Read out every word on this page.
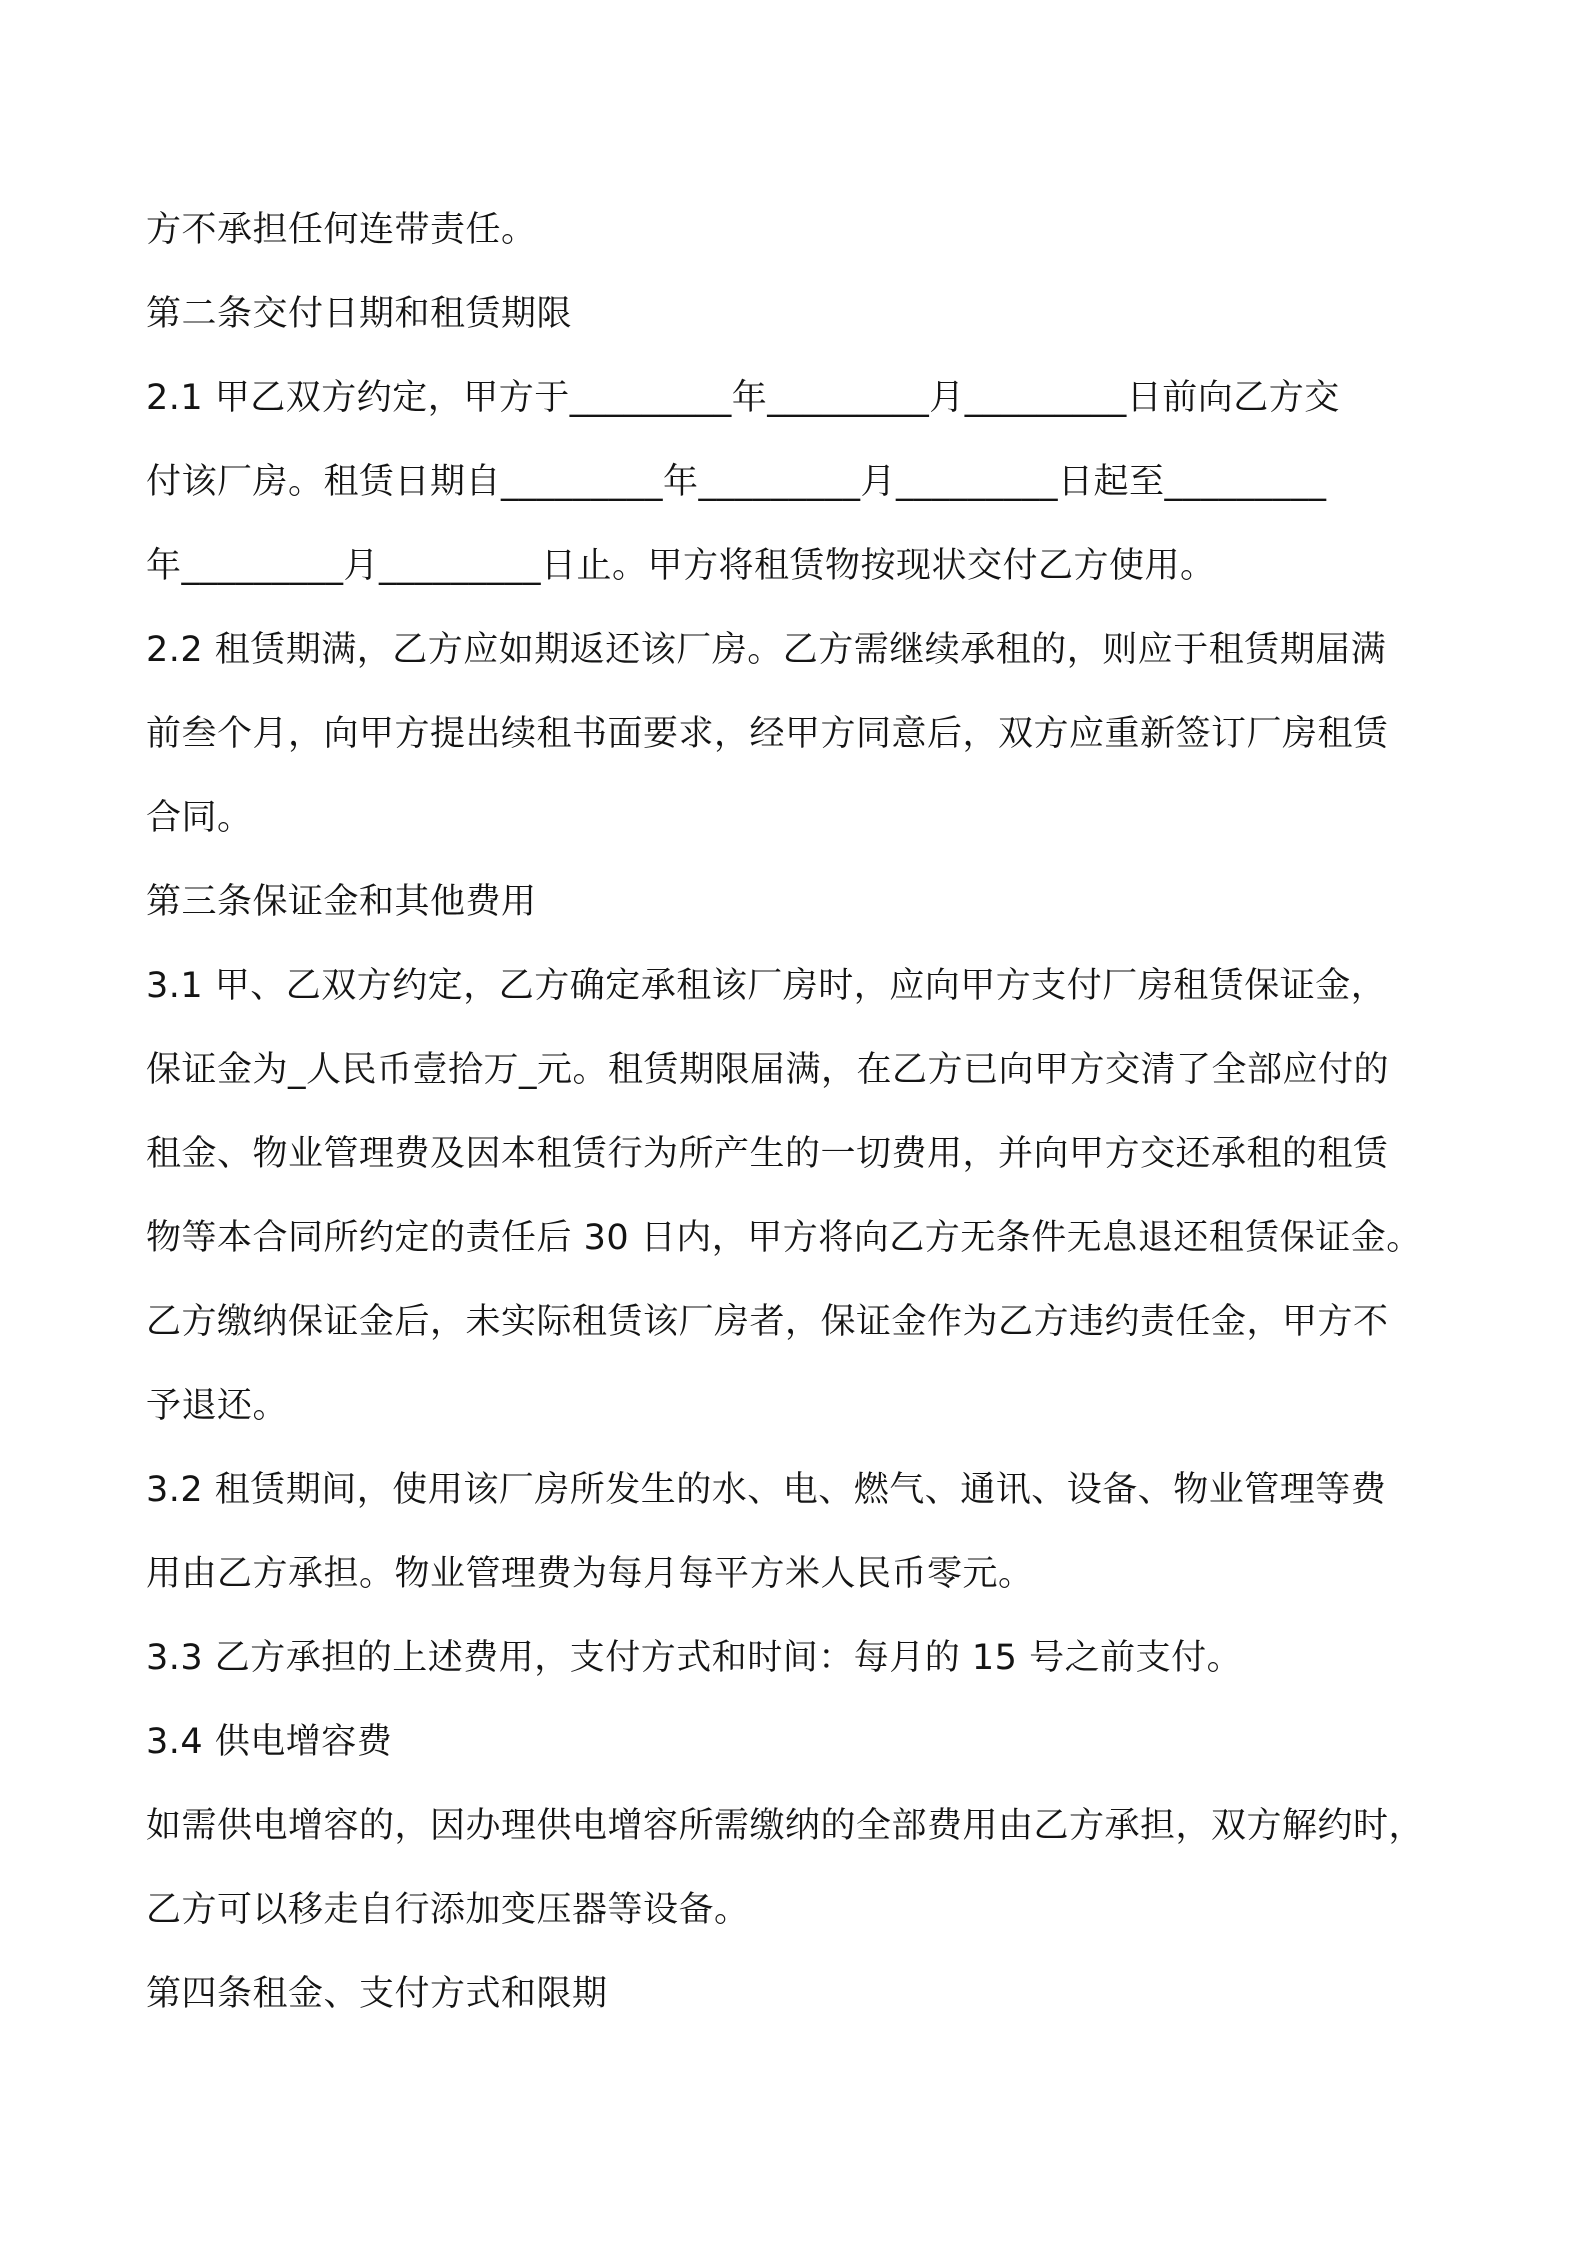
方不承担任何连带责任。

第二条交付日期和租赁期限

2.1 甲乙双方约定，甲方于_________年_________月_________日前向乙方交

付该厂房。租赁日期自_________年_________月_________日起至_________

年_________月_________日止。甲方将租赁物按现状交付乙方使用。

2.2 租赁期满，乙方应如期返还该厂房。乙方需继续承租的，则应于租赁期届满

前叁个月，向甲方提出续租书面要求，经甲方同意后，双方应重新签订厂房租赁

合同。

第三条保证金和其他费用

3.1 甲、乙双方约定，乙方确定承租该厂房时，应向甲方支付厂房租赁保证金，

保证金为_人民币壹拾万_元。租赁期限届满，在乙方已向甲方交清了全部应付的

租金、物业管理费及因本租赁行为所产生的一切费用，并向甲方交还承租的租赁

物等本合同所约定的责任后 30 日内，甲方将向乙方无条件无息退还租赁保证金。

乙方缴纳保证金后，未实际租赁该厂房者，保证金作为乙方违约责任金，甲方不

予退还。

3.2 租赁期间，使用该厂房所发生的水、电、燃气、通讯、设备、物业管理等费

用由乙方承担。物业管理费为每月每平方米人民币零元。

3.3 乙方承担的上述费用，支付方式和时间：每月的 15 号之前支付。

3.4 供电增容费

如需供电增容的，因办理供电增容所需缴纳的全部费用由乙方承担，双方解约时，

乙方可以移走自行添加变压器等设备。

第四条租金、支付方式和限期
